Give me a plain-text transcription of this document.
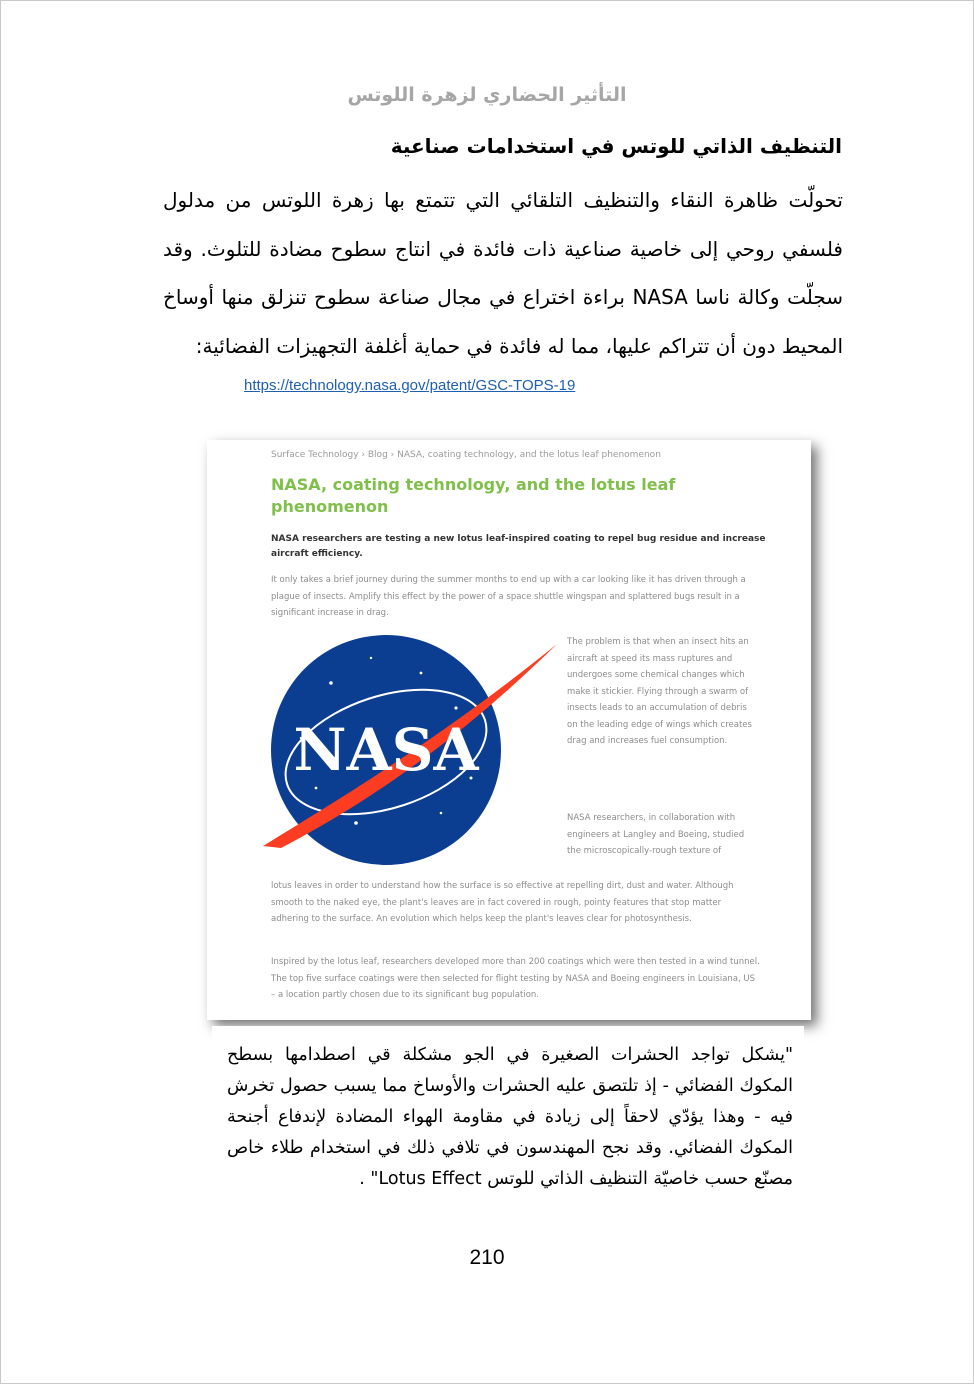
التأثير الحضاري لزهرة اللوتس
التنظيف الذاتي للوتس في استخدامات صناعية
تحولّت ظاهرة النقاء والتنظيف التلقائي التي تتمتع بها زهرة اللوتس من مدلول فلسفي روحي إلى خاصية صناعية ذات فائدة في انتاج سطوح مضادة للتلوث. وقد سجلّت وكالة ناسا NASA براءة اختراع في مجال صناعة سطوح تنزلق منها أوساخ المحيط دون أن تتراكم عليها، مما له فائدة في حماية أغلفة التجهيزات الفضائية:
https://technology.nasa.gov/patent/GSC-TOPS-19
Surface Technology › Blog › NASA, coating technology, and the lotus leaf phenomenon
NASA, coating technology, and the lotus leaf phenomenon
NASA researchers are testing a new lotus leaf-inspired coating to repel bug residue and increase aircraft efficiency.
It only takes a brief journey during the summer months to end up with a car looking like it has driven through a plague of insects. Amplify this effect by the power of a space shuttle wingspan and splattered bugs result in a significant increase in drag.
The problem is that when an insect hits an aircraft at speed its mass ruptures and undergoes some chemical changes which make it stickier. Flying through a swarm of insects leads to an accumulation of debris on the leading edge of wings which creates drag and increases fuel consumption.
NASA researchers, in collaboration with engineers at Langley and Boeing, studied the microscopically-rough texture of
lotus leaves in order to understand how the surface is so effective at repelling dirt, dust and water. Although smooth to the naked eye, the plant's leaves are in fact covered in rough, pointy features that stop matter adhering to the surface. An evolution which helps keep the plant's leaves clear for photosynthesis.
Inspired by the lotus leaf, researchers developed more than 200 coatings which were then tested in a wind tunnel. The top five surface coatings were then selected for flight testing by NASA and Boeing engineers in Louisiana, US – a location partly chosen due to its significant bug population.
NASA
"يشكل تواجد الحشرات الصغيرة في الجو مشكلة قي اصطدامها بسطح المكوك الفضائي - إذ تلتصق عليه الحشرات والأوساخ مما يسبب حصول تخرش فيه - وهذا يؤدّي لاحقاً إلى زيادة في مقاومة الهواء المضادة لإندفاع أجنحة المكوك الفضائي. وقد نجح المهندسون في تلافي ذلك في استخدام طلاء خاص مصنّع حسب خاصيّة التنظيف الذاتي للوتس Lotus Effect" .
210
